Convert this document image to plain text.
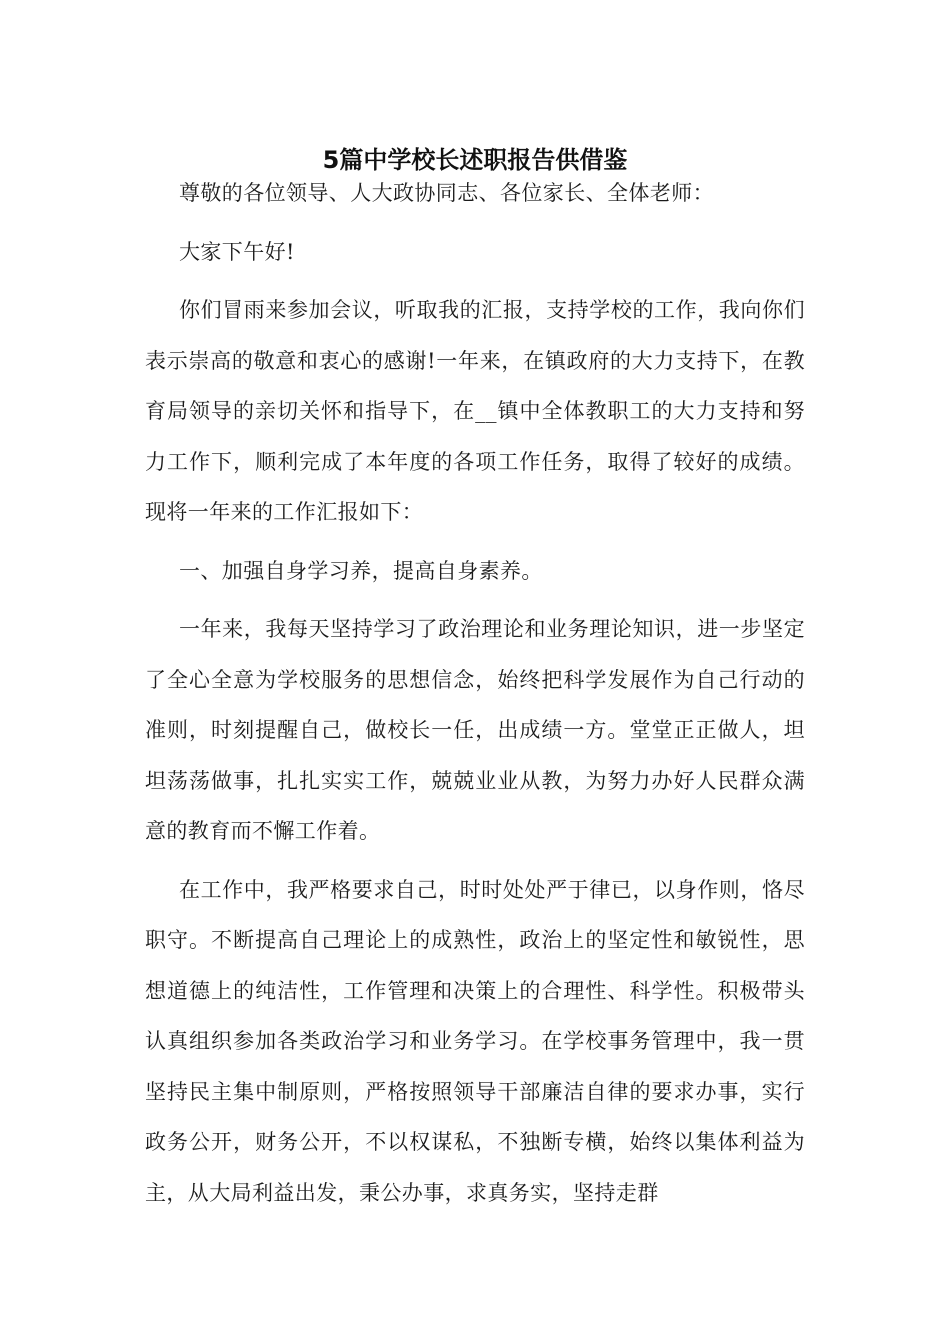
5篇中学校长述职报告供借鉴

尊敬的各位领导、人大政协同志、各位家长、全体老师：

大家下午好!

你们冒雨来参加会议，听取我的汇报，支持学校的工作，我向你们表示崇高的敬意和衷心的感谢!一年来，在镇政府的大力支持下，在教育局领导的亲切关怀和指导下，在__镇中全体教职工的大力支持和努力工作下，顺利完成了本年度的各项工作任务，取得了较好的成绩。现将一年来的工作汇报如下：

一、加强自身学习养，提高自身素养。

一年来，我每天坚持学习了政治理论和业务理论知识，进一步坚定了全心全意为学校服务的思想信念，始终把科学发展作为自己行动的准则，时刻提醒自己，做校长一任，出成绩一方。堂堂正正做人，坦坦荡荡做事，扎扎实实工作，兢兢业业从教，为努力办好人民群众满意的教育而不懈工作着。

在工作中，我严格要求自己，时时处处严于律已，以身作则，恪尽职守。不断提高自己理论上的成熟性，政治上的坚定性和敏锐性，思想道德上的纯洁性，工作管理和决策上的合理性、科学性。积极带头认真组织参加各类政治学习和业务学习。在学校事务管理中，我一贯坚持民主集中制原则，严格按照领导干部廉洁自律的要求办事，实行政务公开，财务公开，不以权谋私，不独断专横，始终以集体利益为主，从大局利益出发，秉公办事，求真务实，坚持走群
